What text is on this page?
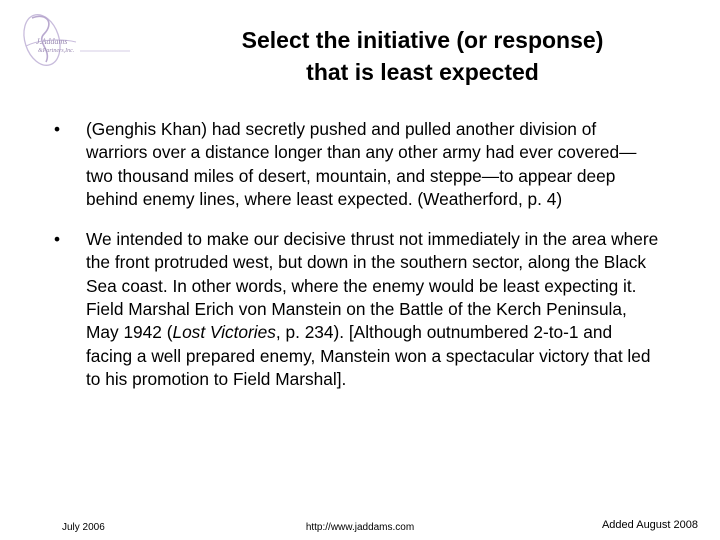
J.Addams
&Partners,Inc.	Select the initiative (or response)
that is least expected
• (Genghis Khan) had secretly pushed and pulled another division of warriors over a distance longer than any other army had ever covered—two thousand miles of desert, mountain, and steppe—to appear deep behind enemy lines, where least expected. (Weatherford, p. 4)
• We intended to make our decisive thrust not immediately in the area where the front protruded west, but down in the southern sector, along the Black Sea coast. In other words, where the enemy would be least expecting it. Field Marshal Erich von Manstein on the Battle of the Kerch Peninsula, May 1942 (Lost Victories, p. 234). [Although outnumbered 2-to-1 and facing a well prepared enemy, Manstein won a spectacular victory that led to his promotion to Field Marshal].
July 2006	http://www.jaddams.com	Added August 2008
